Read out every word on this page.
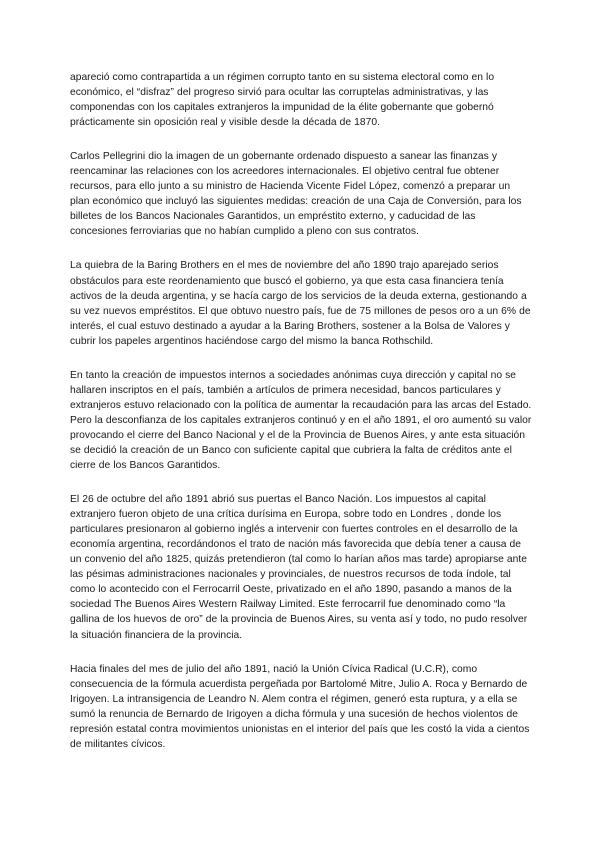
apareció como contrapartida a un régimen corrupto tanto en su sistema electoral como en lo económico, el “disfraz” del progreso sirvió para ocultar las corruptelas administrativas, y las componendas con los capitales extranjeros la impunidad de la élite gobernante que gobernó prácticamente sin oposición real y visible desde la década de 1870.

Carlos Pellegrini dio la imagen de un gobernante ordenado dispuesto a sanear las finanzas y reencaminar las relaciones con los acreedores internacionales. El objetivo central fue obtener recursos, para ello junto a su ministro de Hacienda Vicente Fidel López, comenzó a preparar un plan económico que incluyó las siguientes medidas: creación de una Caja de Conversión, para los billetes de los Bancos Nacionales Garantidos, un empréstito externo, y caducidad de las concesiones ferroviarias que no habían cumplido a pleno con sus contratos.

La quiebra de la Baring Brothers en el mes de noviembre del año 1890 trajo aparejado serios obstáculos para este reordenamiento que buscó el gobierno, ya que esta casa financiera tenía activos de la deuda argentina, y se hacía cargo de los servicios de la deuda externa, gestionando a su vez nuevos empréstitos. El que obtuvo nuestro país, fue de 75 millones de pesos oro a un 6% de interés, el cual estuvo destinado a ayudar a la Baring Brothers, sostener a la Bolsa de Valores y cubrir los papeles argentinos haciéndose cargo del mismo la banca Rothschild.

En tanto la creación de impuestos internos a sociedades anónimas cuya dirección y capital no se hallaren inscriptos en el país, también a artículos de primera necesidad, bancos particulares y extranjeros estuvo relacionado con la política de aumentar la recaudación para las arcas del Estado. Pero la desconfianza de los capitales extranjeros continuó y en el año 1891, el oro aumentó su valor provocando el cierre del Banco Nacional y el de la Provincia de Buenos Aires, y ante esta situación se decidió la creación de un Banco con suficiente capital que cubriera la falta de créditos ante el cierre de los Bancos Garantidos.

El 26 de octubre del año 1891 abrió sus puertas el Banco Nación. Los impuestos al capital extranjero fueron objeto de una crítica durísima en Europa, sobre todo en Londres , donde los particulares presionaron al gobierno inglés a intervenir con fuertes controles en el desarrollo de la economía argentina, recordándonos el trato de nación más favorecida que debía tener a causa de un convenio del año 1825, quizás pretendieron (tal como lo harían años mas tarde) apropiarse ante las pésimas administraciones nacionales y provinciales, de nuestros recursos de toda índole, tal como lo acontecido con el Ferrocarril Oeste, privatizado en el año 1890, pasando a manos de la sociedad The Buenos Aires Western Railway Limited. Este ferrocarril fue denominado como “la gallina de los huevos de oro” de la provincia de Buenos Aires, su venta así y todo, no pudo resolver la situación financiera de la provincia.

Hacia finales del mes de julio del año 1891, nació la Unión Cívica Radical (U.C.R), como consecuencia de la fórmula acuerdista pergeñada por Bartolomé Mitre, Julio A. Roca y Bernardo de Irigoyen. La intransigencia de Leandro N. Alem contra el régimen, generó esta ruptura, y a ella se sumó la renuncia de Bernardo de Irigoyen a dicha fórmula y una sucesión de hechos violentos de represión estatal contra movimientos unionistas en el interior del país que les costó la vida a cientos de militantes cívicos.
